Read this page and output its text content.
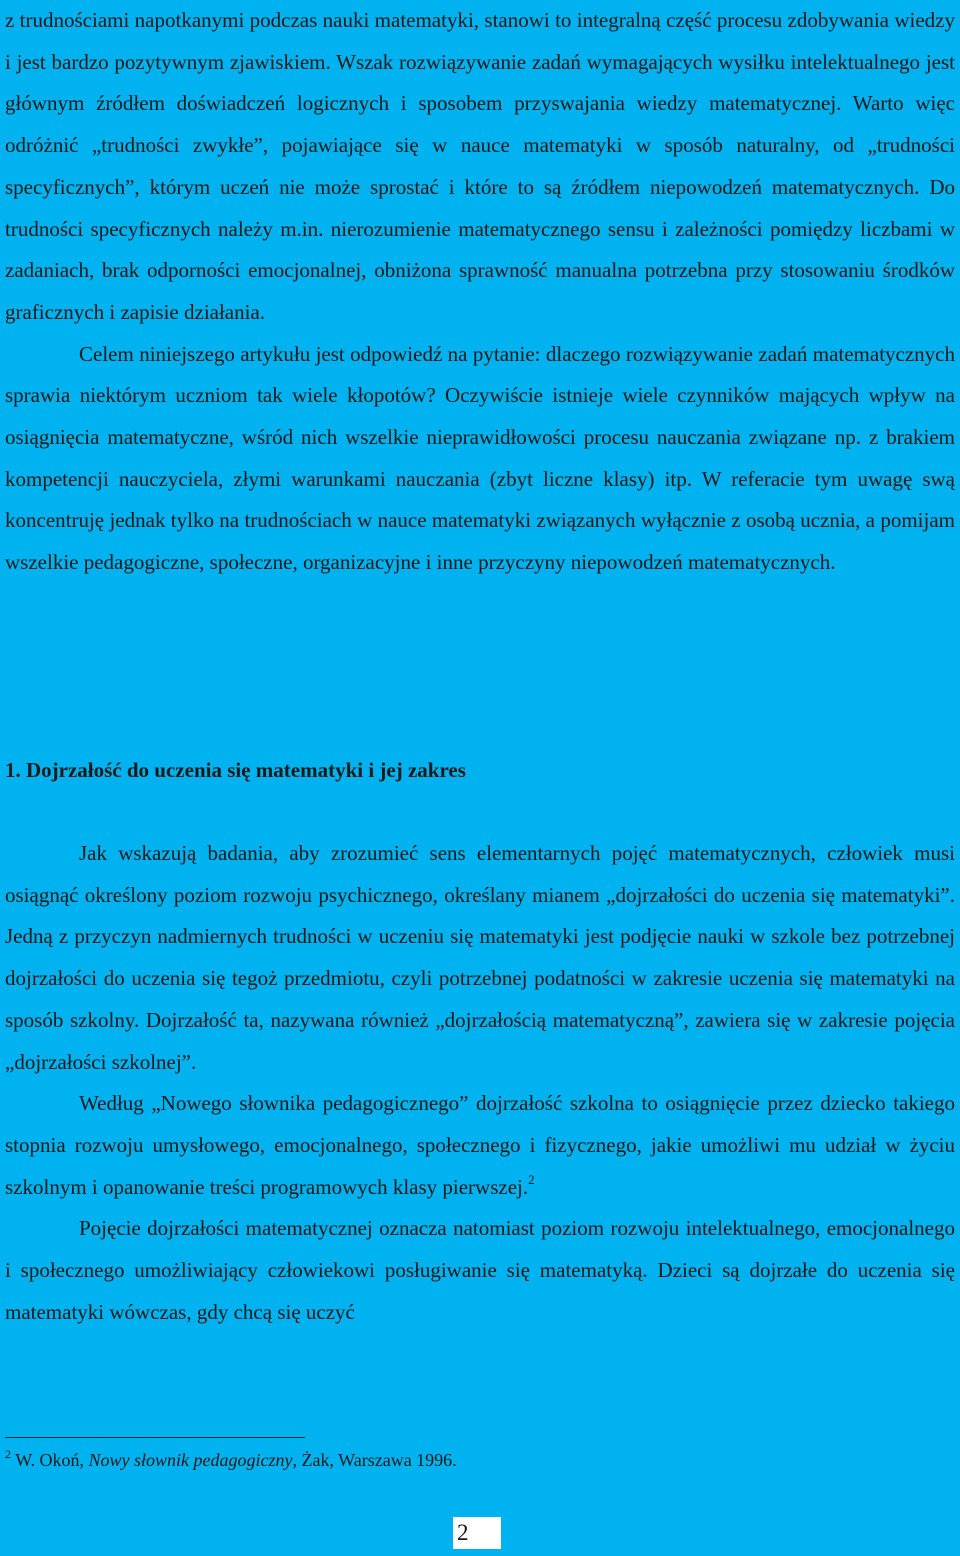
z trudnościami napotkanymi podczas nauki matematyki, stanowi to integralną część procesu zdobywania wiedzy i jest bardzo pozytywnym zjawiskiem. Wszak rozwiązywanie zadań wymagających wysiłku intelektualnego jest głównym źródłem doświadczeń logicznych i sposobem przyswajania wiedzy matematycznej. Warto więc odróżnić „trudności zwykłe”, pojawiające się w nauce matematyki w sposób naturalny, od „trudności specyficznych”, którym uczeń nie może sprostać i które to są źródłem niepowodzeń matematycznych. Do trudności specyficznych należy m.in. nierozumienie matematycznego sensu i zależności pomiędzy liczbami w zadaniach, brak odporności emocjonalnej, obniżona sprawność manualna potrzebna przy stosowaniu środków graficznych i zapisie działania.

Celem niniejszego artykułu jest odpowiedź na pytanie: dlaczego rozwiązywanie zadań matematycznych sprawia niektórym uczniom tak wiele kłopotów? Oczywiście istnieje wiele czynników mających wpływ na osiągnięcia matematyczne, wśród nich wszelkie nieprawidłowości procesu nauczania związane np. z brakiem kompetencji nauczyciela, złymi warunkami nauczania (zbyt liczne klasy) itp. W referacie tym uwagę swą koncentruję jednak tylko na trudnościach w nauce matematyki związanych wyłącznie z osobą ucznia, a pomijam wszelkie pedagogiczne, społeczne, organizacyjne i inne przyczyny niepowodzeń matematycznych.

1. Dojrzałość do uczenia się matematyki i jej zakres

Jak wskazują badania, aby zrozumieć sens elementarnych pojęć matematycznych, człowiek musi osiągnąć określony poziom rozwoju psychicznego, określany mianem „dojrzałości do uczenia się matematyki”. Jedną z przyczyn nadmiernych trudności w uczeniu się matematyki jest podjęcie nauki w szkole bez potrzebnej dojrzałości do uczenia się tegoż przedmiotu, czyli potrzebnej podatności w zakresie uczenia się matematyki na sposób szkolny. Dojrzałość ta, nazywana również „dojrzałością matematyczną”, zawiera się w zakresie pojęcia „dojrzałości szkolnej”.

Według „Nowego słownika pedagogicznego” dojrzałość szkolna to osiągnięcie przez dziecko takiego stopnia rozwoju umysłowego, emocjonalnego, społecznego i fizycznego, jakie umożliwi mu udział w życiu szkolnym i opanowanie treści programowych klasy pierwszej.$^2$

Pojęcie dojrzałości matematycznej oznacza natomiast poziom rozwoju intelektualnego, emocjonalnego i społecznego umożliwiający człowiekowi posługiwanie się matematyką. Dzieci są dojrzałe do uczenia się matematyki wówczas, gdy chcą się uczyć

$^2$ W. Okoń, Nowy słownik pedagogiczny, Żak, Warszawa 1996.

2
